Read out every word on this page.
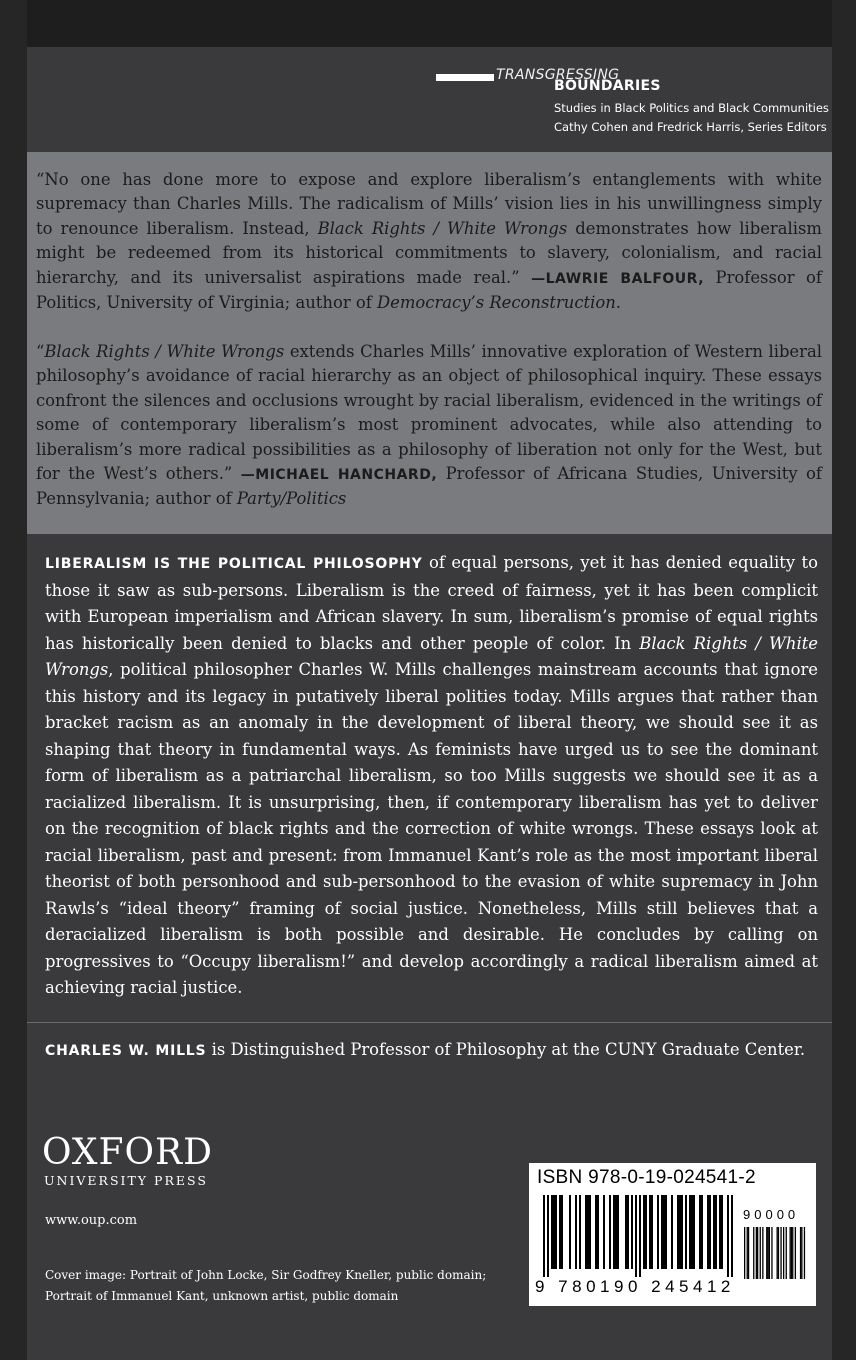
TRANSGRESSING
BOUNDARIES
Studies in Black Politics and Black Communities
Cathy Cohen and Fredrick Harris, Series Editors
“No one has done more to expose and explore liberalism’s entanglements with white supremacy than Charles Mills. The radicalism of Mills’ vision lies in his unwillingness simply to renounce liberalism. Instead, Black Rights / White Wrongs demonstrates how liberalism might be redeemed from its historical commitments to slavery, colonialism, and racial hierarchy, and its universalist aspirations made real.” —LAWRIE BALFOUR, Professor of Politics, University of Virginia; author of Democracy’s Reconstruction.
“Black Rights / White Wrongs extends Charles Mills’ innovative exploration of Western liberal philosophy’s avoidance of racial hierarchy as an object of philosophical inquiry. These essays confront the silences and occlusions wrought by racial liberalism, evidenced in the writings of some of contemporary liberalism’s most prominent advocates, while also attending to liberalism’s more radical possibilities as a philosophy of liberation not only for the West, but for the West’s others.” —MICHAEL HANCHARD, Professor of Africana Studies, University of Pennsylvania; author of Party/Politics
LIBERALISM IS THE POLITICAL PHILOSOPHY of equal persons, yet it has denied equality to those it saw as sub-persons. Liberalism is the creed of fairness, yet it has been complicit with European imperialism and African slavery. In sum, liberalism’s promise of equal rights has historically been denied to blacks and other people of color. In Black Rights / White Wrongs, political philosopher Charles W. Mills challenges mainstream accounts that ignore this history and its legacy in putatively liberal polities today. Mills argues that rather than bracket racism as an anomaly in the development of liberal theory, we should see it as shaping that theory in fundamental ways. As feminists have urged us to see the dominant form of liberalism as a patriarchal liberalism, so too Mills suggests we should see it as a racialized liberalism. It is unsurprising, then, if contemporary liberalism has yet to deliver on the recognition of black rights and the correction of white wrongs. These essays look at racial liberalism, past and present: from Immanuel Kant’s role as the most important liberal theorist of both personhood and sub-personhood to the evasion of white supremacy in John Rawls’s “ideal theory” framing of social justice. Nonetheless, Mills still believes that a deracialized liberalism is both possible and desirable. He concludes by calling on progressives to “Occupy liberalism!” and develop accordingly a radical liberalism aimed at achieving racial justice.
CHARLES W. MILLS is Distinguished Professor of Philosophy at the CUNY Graduate Center.
OXFORD
UNIVERSITY PRESS
www.oup.com
Cover image: Portrait of John Locke, Sir Godfrey Kneller, public domain;
Portrait of Immanuel Kant, unknown artist, public domain
ISBN 978-0-19-024541-2
90000
9 780190 245412
